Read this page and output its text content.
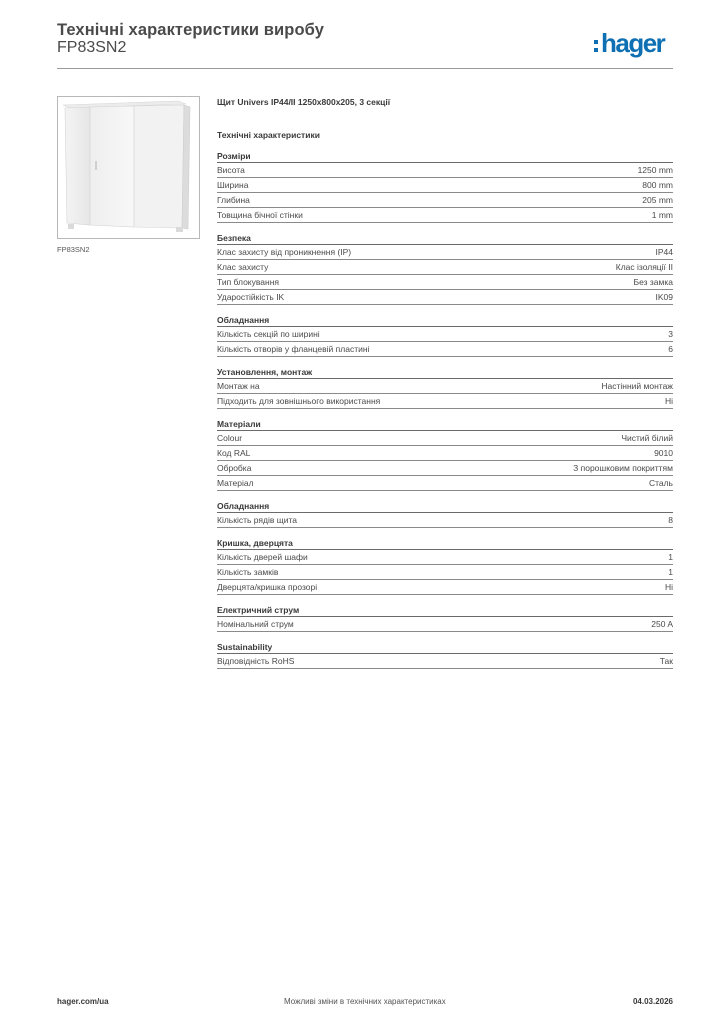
Технічні характеристики виробу
FP83SN2	hager
FP83SN2
Щит Univers IP44/II 1250x800x205, 3 секції
Технічні характеристики
Розміри
Висота	1250 mm
Ширина	800 mm
Глибина	205 mm
Товщина бічної стінки	1 mm
Безпека
Клас захисту від проникнення (IP)	IP44
Клас захисту	Клас ізоляції II
Тип блокування	Без замка
Ударостійкість IK	IK09
Обладнання
Кількість секцій по ширині	3
Кількість отворів у фланцевій пластині	6
Установлення, монтаж
Монтаж на	Настінний монтаж
Підходить для зовнішнього використання	Ні
Матеріали
Colour	Чистий білий
Код RAL	9010
Обробка	З порошковим покриттям
Матеріал	Сталь
Обладнання
Кількість рядів щита	8
Кришка, дверцята
Кількість дверей шафи	1
Кількість замків	1
Дверцята/кришка прозорі	Ні
Електричний струм
Номінальний струм	250 A
Sustainability
Відповідність RoHS	Так
hager.com/ua	Можливі зміни в технічних характеристиках	04.03.2026
